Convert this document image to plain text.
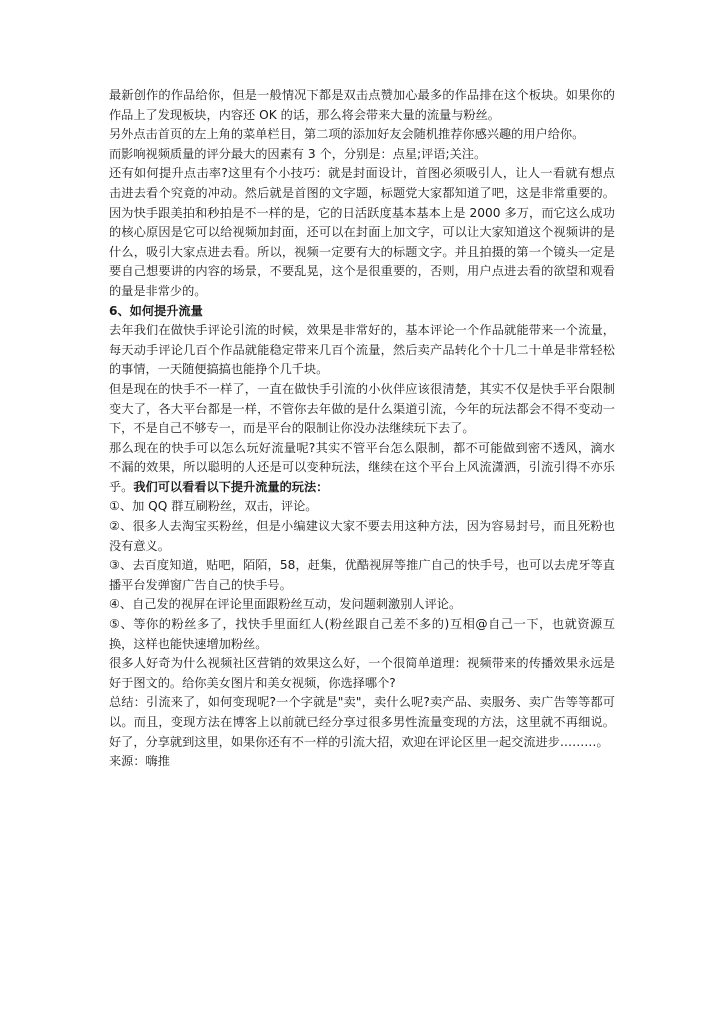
最新创作的作品给你，但是一般情况下都是双击点赞加心最多的作品排在这个板块。如果你的作品上了发现板块，内容还 OK 的话，那么将会带来大量的流量与粉丝。

另外点击首页的左上角的菜单栏目，第二项的添加好友会随机推荐你感兴趣的用户给你。

而影响视频质量的评分最大的因素有 3 个，分别是：点星;评语;关注。

还有如何提升点击率?这里有个小技巧：就是封面设计，首图必须吸引人，让人一看就有想点击进去看个究竟的冲动。然后就是首图的文字题，标题党大家都知道了吧，这是非常重要的。因为快手跟美拍和秒拍是不一样的是，它的日活跃度基本基本上是 2000 多万，而它这么成功的核心原因是它可以给视频加封面，还可以在封面上加文字，可以让大家知道这个视频讲的是什么，吸引大家点进去看。所以，视频一定要有大的标题文字。并且拍摄的第一个镜头一定是要自己想要讲的内容的场景，不要乱晃，这个是很重要的，否则，用户点进去看的欲望和观看的量是非常少的。

6、如何提升流量

去年我们在做快手评论引流的时候，效果是非常好的，基本评论一个作品就能带来一个流量，每天动手评论几百个作品就能稳定带来几百个流量，然后卖产品转化个十几二十单是非常轻松的事情，一天随便搞搞也能挣个几千块。

但是现在的快手不一样了，一直在做快手引流的小伙伴应该很清楚，其实不仅是快手平台限制变大了，各大平台都是一样，不管你去年做的是什么渠道引流，今年的玩法都会不得不变动一下，不是自己不够专一，而是平台的限制让你没办法继续玩下去了。

那么现在的快手可以怎么玩好流量呢?其实不管平台怎么限制，都不可能做到密不透风，滴水不漏的效果，所以聪明的人还是可以变种玩法，继续在这个平台上风流潇洒，引流引得不亦乐乎。我们可以看看以下提升流量的玩法：

①、加 QQ 群互刷粉丝，双击，评论。

②、很多人去淘宝买粉丝，但是小编建议大家不要去用这种方法，因为容易封号，而且死粉也没有意义。

③、去百度知道，贴吧，陌陌，58，赶集，优酷视屏等推广自己的快手号，也可以去虎牙等直播平台发弹窗广告自己的快手号。

④、自己发的视屏在评论里面跟粉丝互动，发问题刺激别人评论。

⑤、等你的粉丝多了，找快手里面红人(粉丝跟自己差不多的)互相@自己一下，也就资源互换，这样也能快速增加粉丝。

很多人好奇为什么视频社区营销的效果这么好，一个很简单道理：视频带来的传播效果永远是好于图文的。给你美女图片和美女视频，你选择哪个?

总结：引流来了，如何变现呢?一个字就是"卖"，卖什么呢?卖产品、卖服务、卖广告等等都可以。而且，变现方法在博客上以前就已经分享过很多男性流量变现的方法，这里就不再细说。好了，分享就到这里，如果你还有不一样的引流大招，欢迎在评论区里一起交流进步………。

来源：嗨推
